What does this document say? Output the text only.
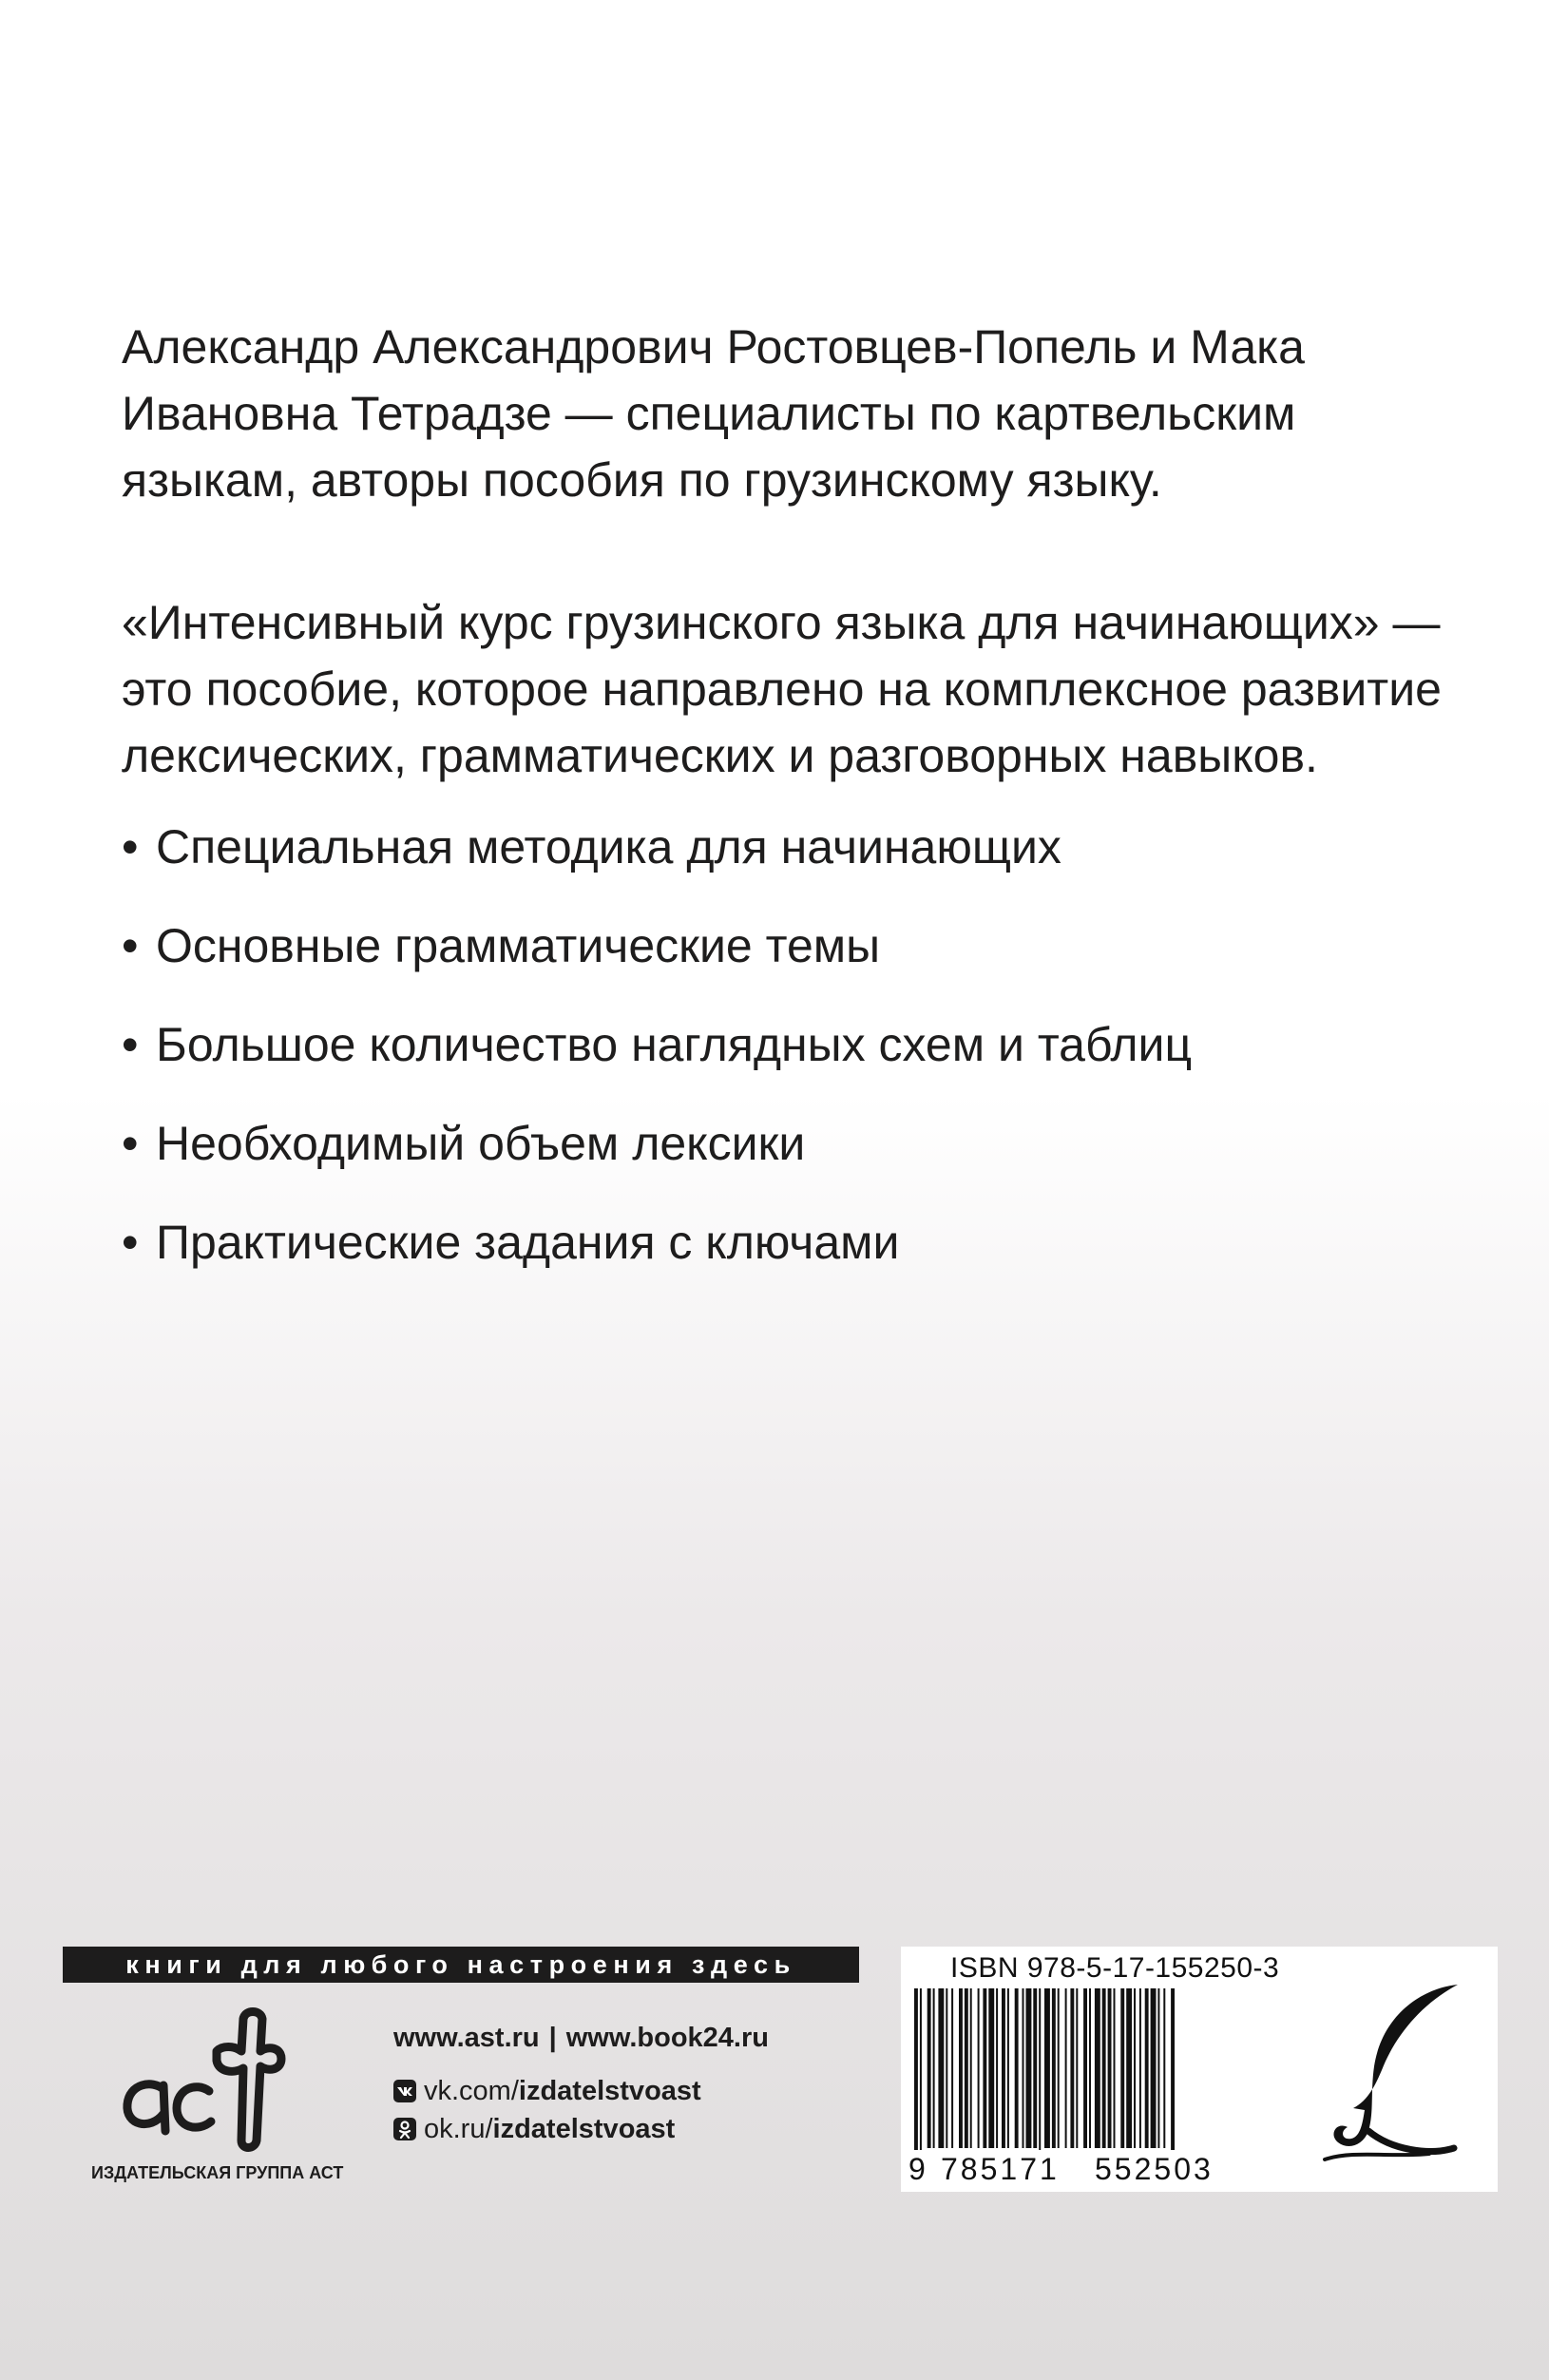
Александр Александрович Ростовцев-Попель и Мака Ивановна Тетрадзе — специалисты по картвельским языкам, авторы пособия по грузинскому языку.

«Интенсивный курс грузинского языка для начинающих» — это пособие, которое направлено на комплексное развитие лексических, грамматических и разговорных навыков.

• Специальная методика для начинающих
• Основные грамматические темы
• Большое количество наглядных схем и таблиц
• Необходимый объем лексики
• Практические задания с ключами
книги для любого настроения здесь
ИЗДАТЕЛЬСКАЯ ГРУППА АСТ
www.ast.ru | www.book24.ru
vk.com/izdatelstvoast
ok.ru/izdatelstvoast
ISBN 978-5-17-155250-3
9 785171 552503
